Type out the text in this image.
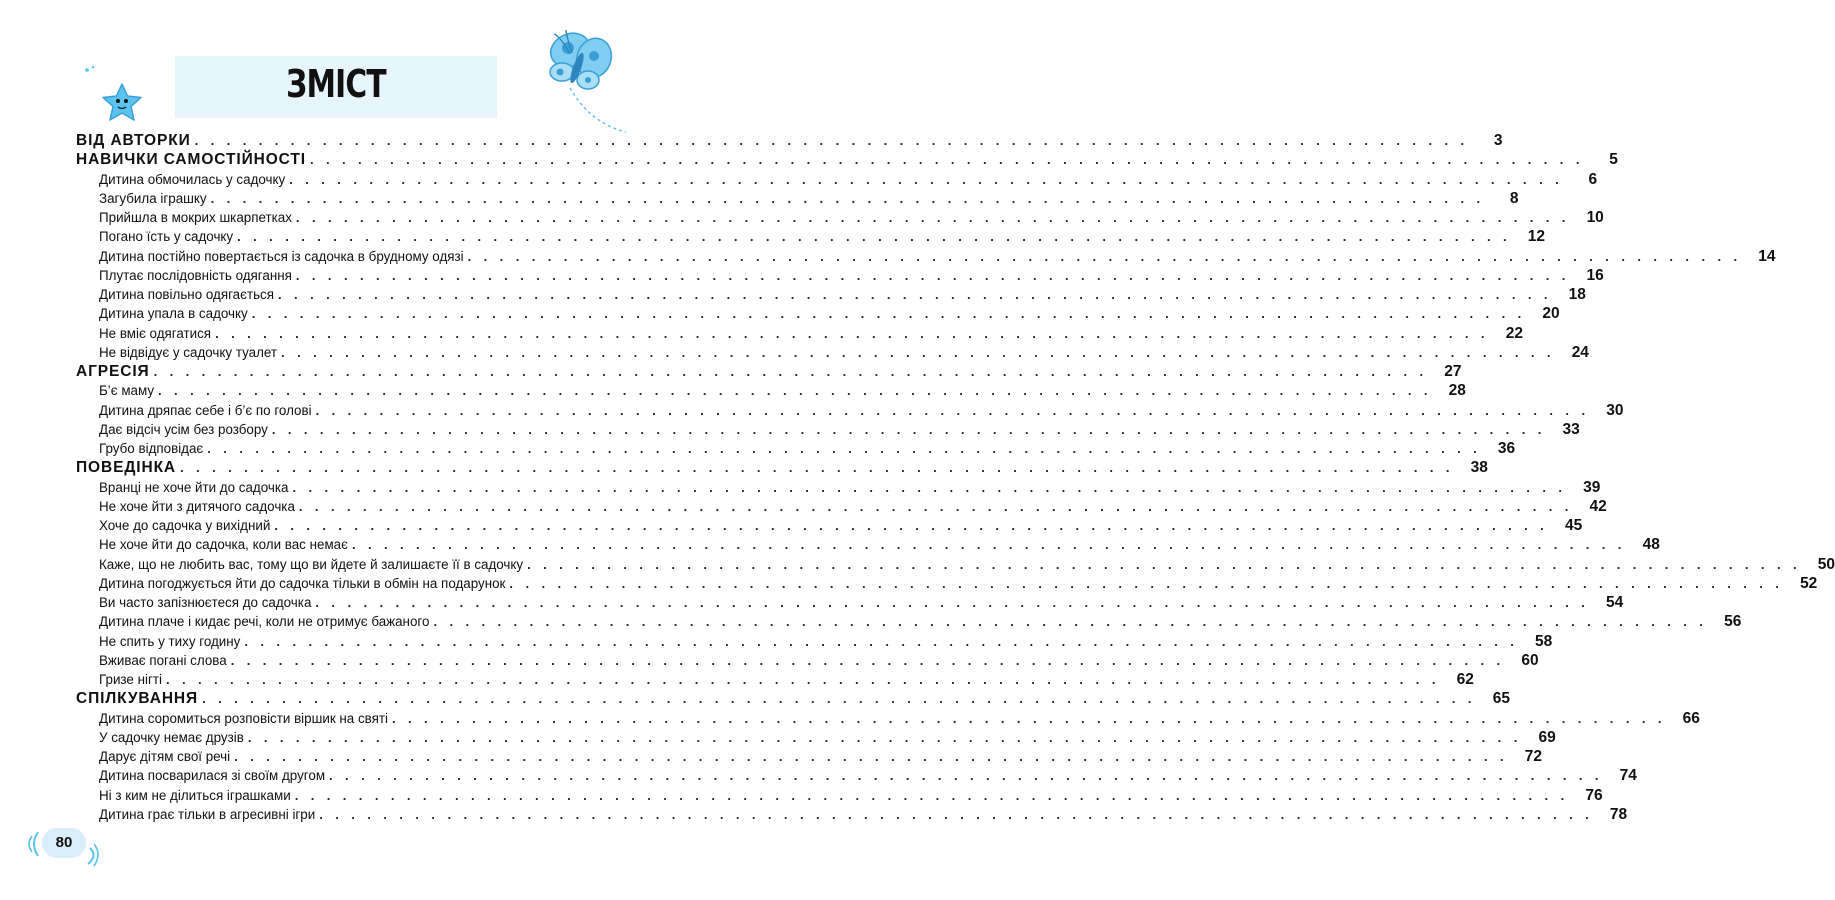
ЗМІСТ
ВІД АВТОРКИ . . . . . . . . . . . . . . . . . . . . . . . . . . . . . . . . . . . . . . . . . . . . . . . . . . . . . . . . . . . . . . . . . . . . . . . . . . . . . . . .	3
НАВИЧКИ САМОСТІЙНОСТІ . . . . . . . . . . . . . . . . . . . . . . . . . . . . . . . . . . . . . . . . . . . . . . . . . . . . . . . . . . . . . . . . . . . . . . . . . . . . . . . .	5
Дитина обмочилась у садочку . . . . . . . . . . . . . . . . . . . . . . . . . . . . . . . . . . . . . . . . . . . . . . . . . . . . . . . . . . . . . . . . . . . . . . . . . . . . . . . .	6
Загубила іграшку . . . . . . . . . . . . . . . . . . . . . . . . . . . . . . . . . . . . . . . . . . . . . . . . . . . . . . . . . . . . . . . . . . . . . . . . . . . . . . . .	8
Прийшла в мокрих шкарпетках . . . . . . . . . . . . . . . . . . . . . . . . . . . . . . . . . . . . . . . . . . . . . . . . . . . . . . . . . . . . . . . . . . . . . . . . . . . . . . . .	10
Погано їсть у садочку . . . . . . . . . . . . . . . . . . . . . . . . . . . . . . . . . . . . . . . . . . . . . . . . . . . . . . . . . . . . . . . . . . . . . . . . . . . . . . . .	12
Дитина постійно повертається із садочка в брудному одязі . . . . . . . . . . . . . . . . . . . . . . . . . . . . . . . . . . . . . . . . . . . . . . . . . . . . . . . . . . . . . . . . . . . . . . . . . . . . . . . .	14
Плутає послідовність одягання . . . . . . . . . . . . . . . . . . . . . . . . . . . . . . . . . . . . . . . . . . . . . . . . . . . . . . . . . . . . . . . . . . . . . . . . . . . . . . . .	16
Дитина повільно одягається . . . . . . . . . . . . . . . . . . . . . . . . . . . . . . . . . . . . . . . . . . . . . . . . . . . . . . . . . . . . . . . . . . . . . . . . . . . . . . . .	18
Дитина упала в садочку . . . . . . . . . . . . . . . . . . . . . . . . . . . . . . . . . . . . . . . . . . . . . . . . . . . . . . . . . . . . . . . . . . . . . . . . . . . . . . . .	20
Не вміє одягатися . . . . . . . . . . . . . . . . . . . . . . . . . . . . . . . . . . . . . . . . . . . . . . . . . . . . . . . . . . . . . . . . . . . . . . . . . . . . . . . .	22
Не відвідує у садочку туалет . . . . . . . . . . . . . . . . . . . . . . . . . . . . . . . . . . . . . . . . . . . . . . . . . . . . . . . . . . . . . . . . . . . . . . . . . . . . . . . .	24
АГРЕСІЯ . . . . . . . . . . . . . . . . . . . . . . . . . . . . . . . . . . . . . . . . . . . . . . . . . . . . . . . . . . . . . . . . . . . . . . . . . . . . . . . .	27
Б’є маму . . . . . . . . . . . . . . . . . . . . . . . . . . . . . . . . . . . . . . . . . . . . . . . . . . . . . . . . . . . . . . . . . . . . . . . . . . . . . . . .	28
Дитина дряпає себе і б’є по голові . . . . . . . . . . . . . . . . . . . . . . . . . . . . . . . . . . . . . . . . . . . . . . . . . . . . . . . . . . . . . . . . . . . . . . . . . . . . . . . .	30
Дає відсіч усім без розбору . . . . . . . . . . . . . . . . . . . . . . . . . . . . . . . . . . . . . . . . . . . . . . . . . . . . . . . . . . . . . . . . . . . . . . . . . . . . . . . .	33
Грубо відповідає . . . . . . . . . . . . . . . . . . . . . . . . . . . . . . . . . . . . . . . . . . . . . . . . . . . . . . . . . . . . . . . . . . . . . . . . . . . . . . . .	36
ПОВЕДІНКА . . . . . . . . . . . . . . . . . . . . . . . . . . . . . . . . . . . . . . . . . . . . . . . . . . . . . . . . . . . . . . . . . . . . . . . . . . . . . . . .	38
Вранці не хоче йти до садочка . . . . . . . . . . . . . . . . . . . . . . . . . . . . . . . . . . . . . . . . . . . . . . . . . . . . . . . . . . . . . . . . . . . . . . . . . . . . . . . .	39
Не хоче йти з дитячого садочка . . . . . . . . . . . . . . . . . . . . . . . . . . . . . . . . . . . . . . . . . . . . . . . . . . . . . . . . . . . . . . . . . . . . . . . . . . . . . . . .	42
Хоче до садочка у вихідний . . . . . . . . . . . . . . . . . . . . . . . . . . . . . . . . . . . . . . . . . . . . . . . . . . . . . . . . . . . . . . . . . . . . . . . . . . . . . . . .	45
Не хоче йти до садочка, коли вас немає . . . . . . . . . . . . . . . . . . . . . . . . . . . . . . . . . . . . . . . . . . . . . . . . . . . . . . . . . . . . . . . . . . . . . . . . . . . . . . . .	48
Каже, що не любить вас, тому що ви йдете й залишаєте її в садочку . . . . . . . . . . . . . . . . . . . . . . . . . . . . . . . . . . . . . . . . . . . . . . . . . . . . . . . . . . . . . . . . . . . . . . . . . . . . . . . .	50
Дитина погоджується йти до садочка тільки в обмін на подарунок . . . . . . . . . . . . . . . . . . . . . . . . . . . . . . . . . . . . . . . . . . . . . . . . . . . . . . . . . . . . . . . . . . . . . . . . . . . . . . . .	52
Ви часто запізнюєтеся до садочка . . . . . . . . . . . . . . . . . . . . . . . . . . . . . . . . . . . . . . . . . . . . . . . . . . . . . . . . . . . . . . . . . . . . . . . . . . . . . . . .	54
Дитина плаче і кидає речі, коли не отримує бажаного . . . . . . . . . . . . . . . . . . . . . . . . . . . . . . . . . . . . . . . . . . . . . . . . . . . . . . . . . . . . . . . . . . . . . . . . . . . . . . . .	56
Не спить у тиху годину . . . . . . . . . . . . . . . . . . . . . . . . . . . . . . . . . . . . . . . . . . . . . . . . . . . . . . . . . . . . . . . . . . . . . . . . . . . . . . . .	58
Вживає погані слова . . . . . . . . . . . . . . . . . . . . . . . . . . . . . . . . . . . . . . . . . . . . . . . . . . . . . . . . . . . . . . . . . . . . . . . . . . . . . . . .	60
Гризе нігті . . . . . . . . . . . . . . . . . . . . . . . . . . . . . . . . . . . . . . . . . . . . . . . . . . . . . . . . . . . . . . . . . . . . . . . . . . . . . . . .	62
СПІЛКУВАННЯ . . . . . . . . . . . . . . . . . . . . . . . . . . . . . . . . . . . . . . . . . . . . . . . . . . . . . . . . . . . . . . . . . . . . . . . . . . . . . . . .	65
Дитина соромиться розповісти віршик на святі . . . . . . . . . . . . . . . . . . . . . . . . . . . . . . . . . . . . . . . . . . . . . . . . . . . . . . . . . . . . . . . . . . . . . . . . . . . . . . . .	66
У садочку немає друзів . . . . . . . . . . . . . . . . . . . . . . . . . . . . . . . . . . . . . . . . . . . . . . . . . . . . . . . . . . . . . . . . . . . . . . . . . . . . . . . .	69
Дарує дітям свої речі . . . . . . . . . . . . . . . . . . . . . . . . . . . . . . . . . . . . . . . . . . . . . . . . . . . . . . . . . . . . . . . . . . . . . . . . . . . . . . . .	72
Дитина посварилася зі своїм другом . . . . . . . . . . . . . . . . . . . . . . . . . . . . . . . . . . . . . . . . . . . . . . . . . . . . . . . . . . . . . . . . . . . . . . . . . . . . . . . .	74
Ні з ким не ділиться іграшками . . . . . . . . . . . . . . . . . . . . . . . . . . . . . . . . . . . . . . . . . . . . . . . . . . . . . . . . . . . . . . . . . . . . . . . . . . . . . . . .	76
Дитина грає тільки в агресивні ігри . . . . . . . . . . . . . . . . . . . . . . . . . . . . . . . . . . . . . . . . . . . . . . . . . . . . . . . . . . . . . . . . . . . . . . . . . . . . . . . .	78
80
